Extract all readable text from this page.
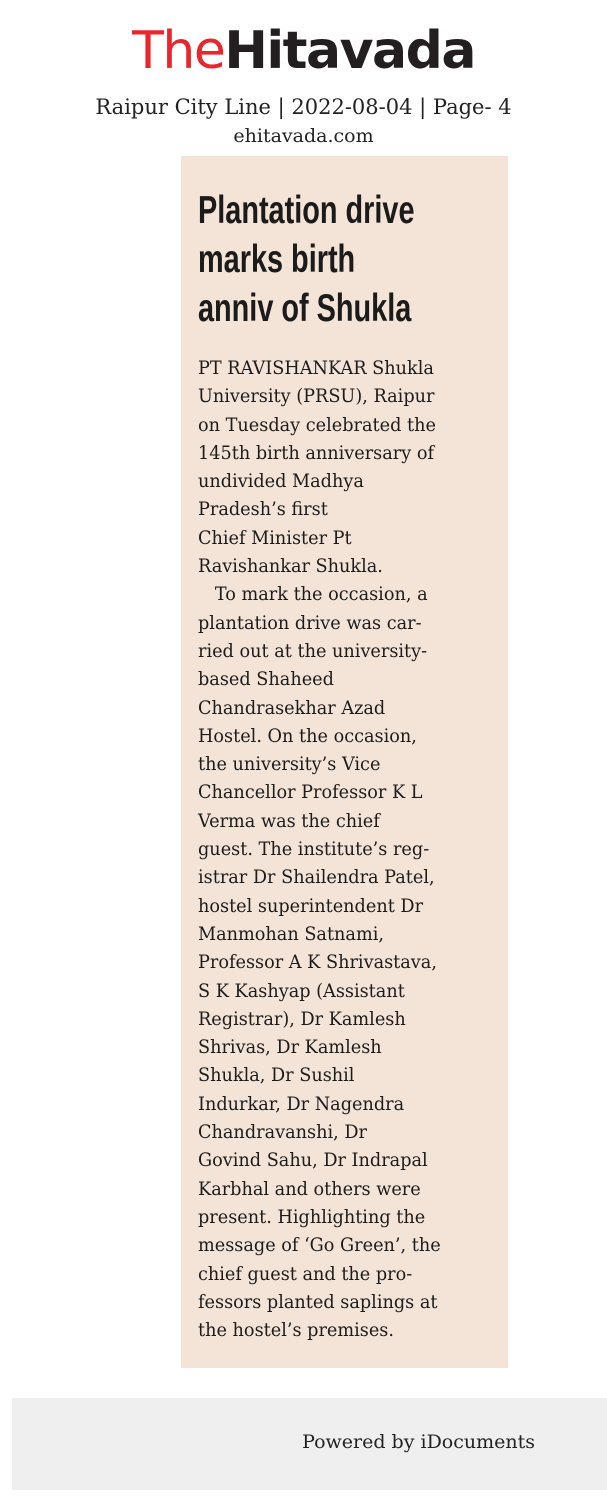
TheHitavada
Raipur City Line | 2022-08-04 | Page- 4
ehitavada.com
Plantation drive
marks birth
anniv of Shukla
PT RAVISHANKAR Shukla
University (PRSU), Raipur
on Tuesday celebrated the
145th birth anniversary of
undivided Madhya
Pradesh’s first
Chief Minister Pt
Ravishankar Shukla.
To mark the occasion, a
plantation drive was car-
ried out at the university-
based Shaheed
Chandrasekhar Azad
Hostel. On the occasion,
the university’s Vice
Chancellor Professor K L
Verma was the chief
guest. The institute’s reg-
istrar Dr Shailendra Patel,
hostel superintendent Dr
Manmohan Satnami,
Professor A K Shrivastava,
S K Kashyap (Assistant
Registrar), Dr Kamlesh
Shrivas, Dr Kamlesh
Shukla, Dr Sushil
Indurkar, Dr Nagendra
Chandravanshi, Dr
Govind Sahu, Dr Indrapal
Karbhal and others were
present. Highlighting the
message of ‘Go Green’, the
chief guest and the pro-
fessors planted saplings at
the hostel’s premises.
Powered by iDocuments
